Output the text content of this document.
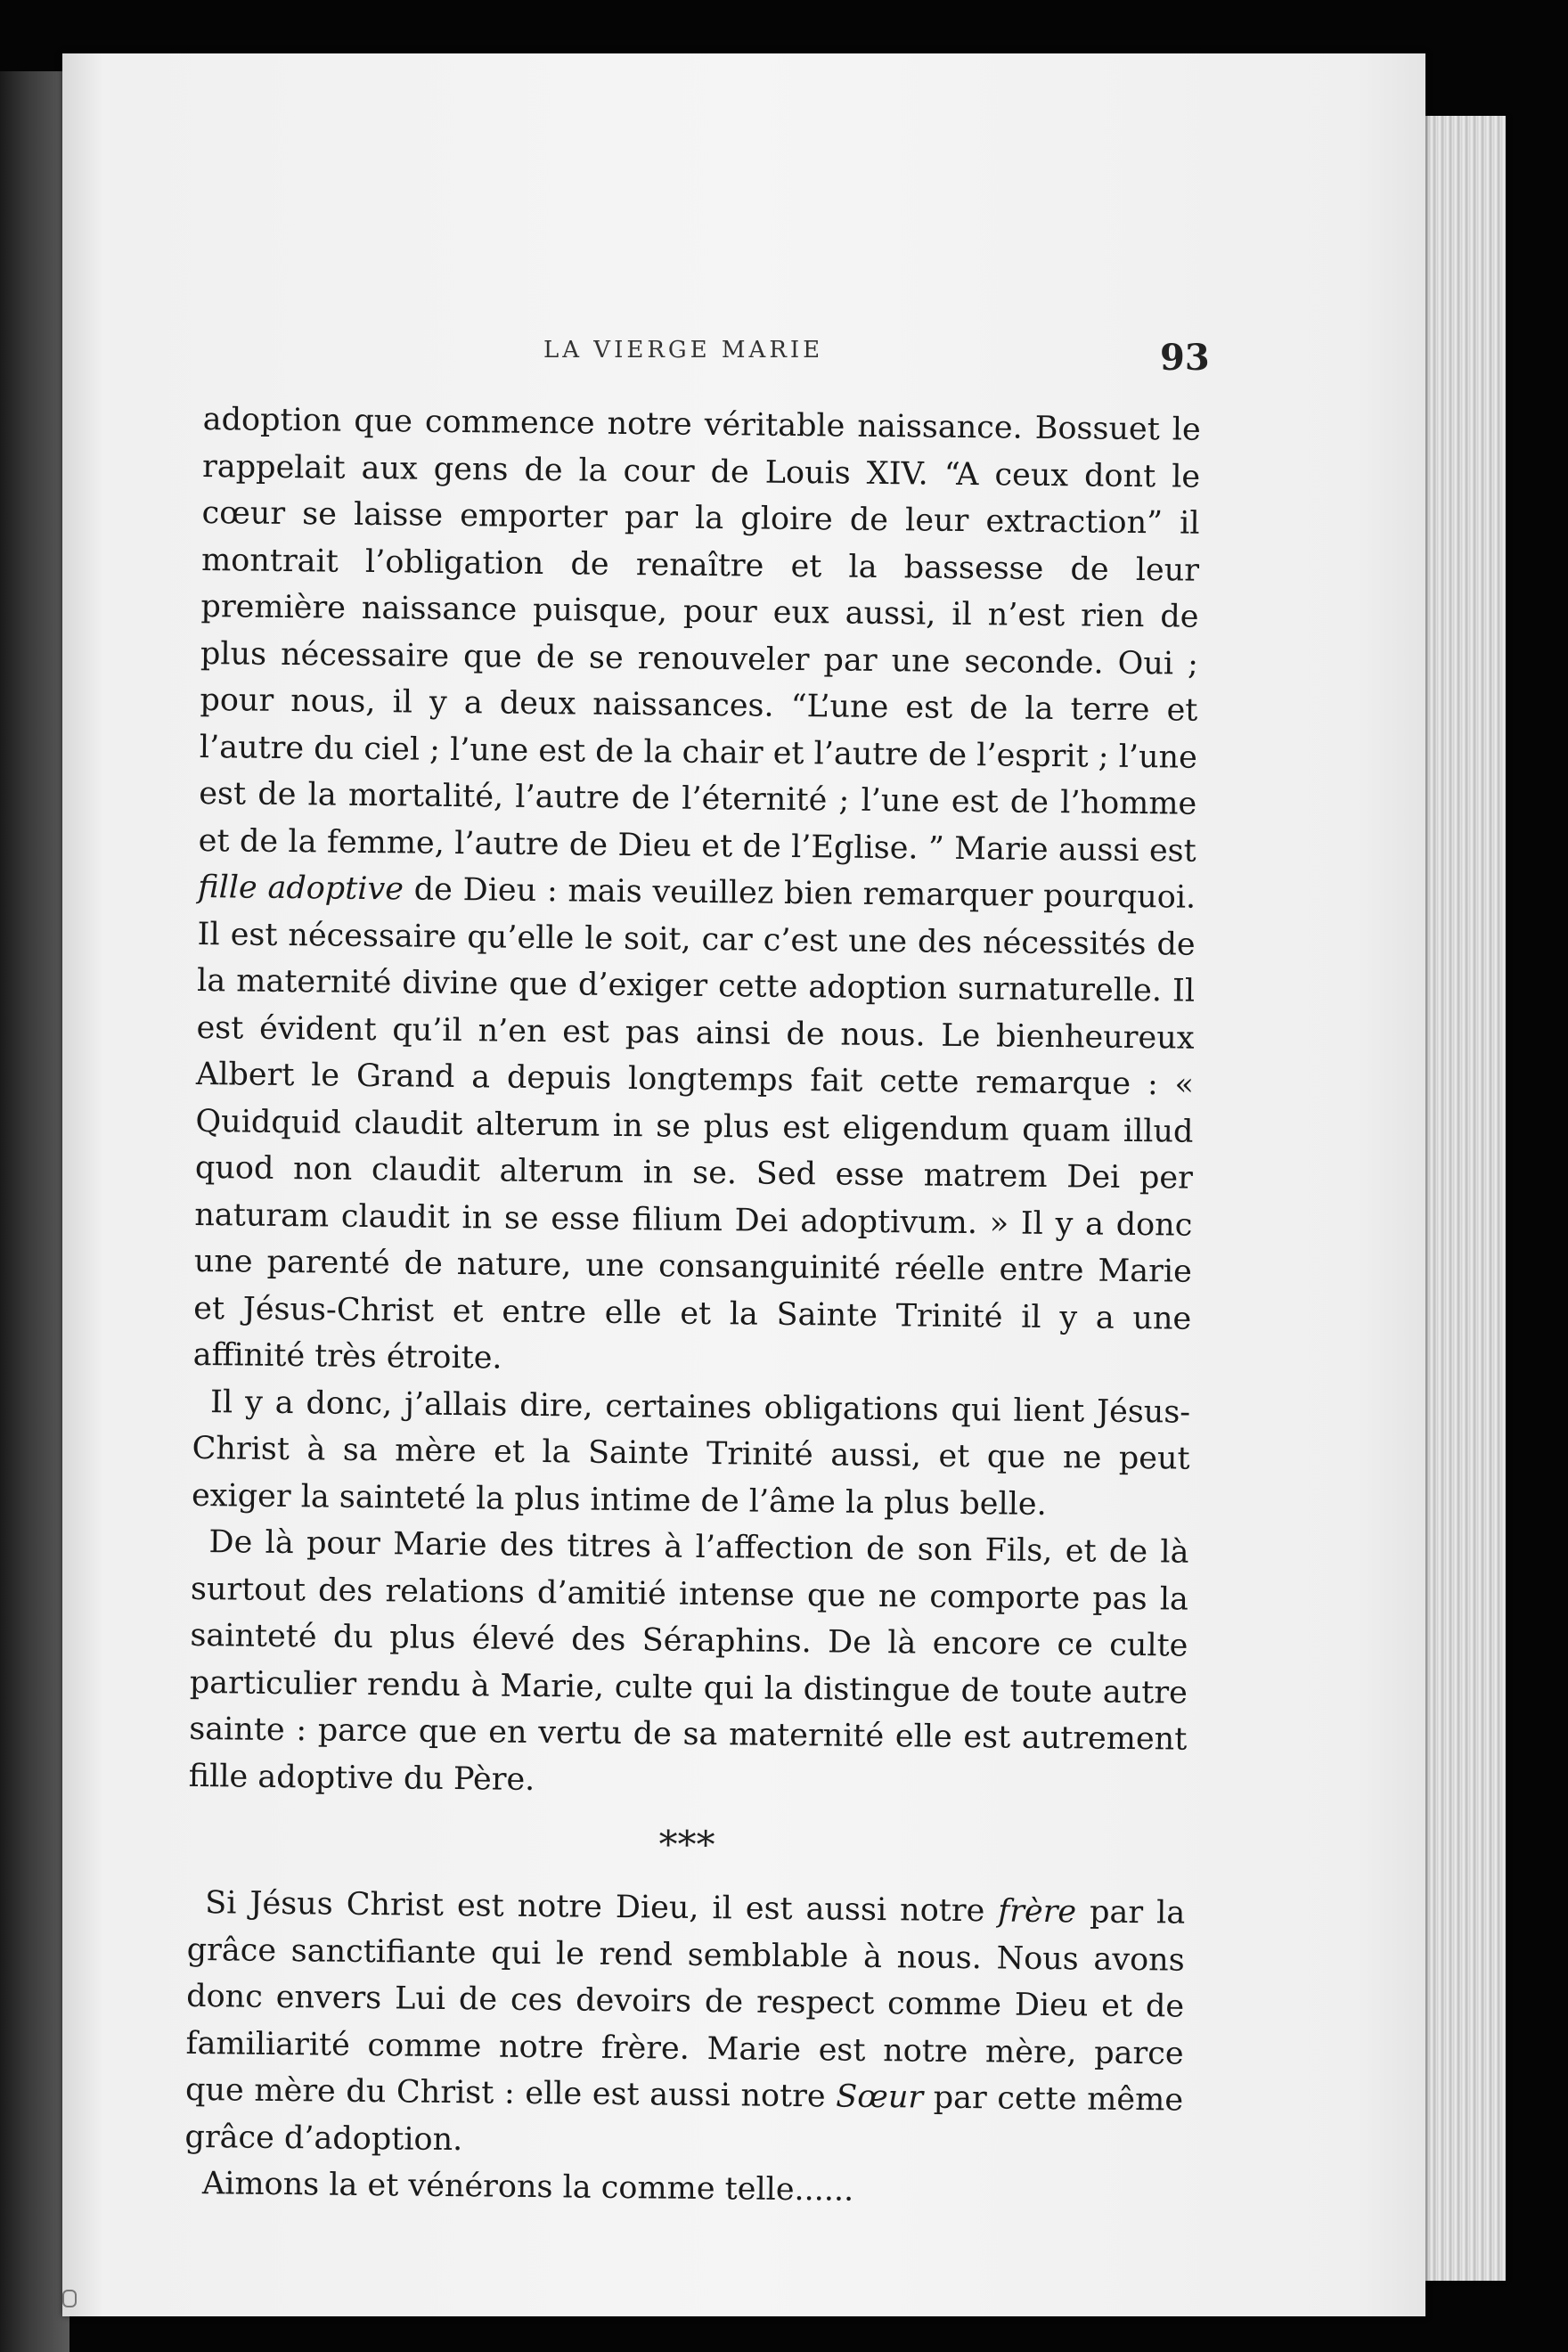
LA VIERGE MARIE	93

adoption que commence notre véritable naissance. Bossuet le rappelait aux gens de la cour de Louis XIV. “A ceux dont le cœur se laisse emporter par la gloire de leur extraction” il montrait l’obligation de renaître et la bassesse de leur première naissance puisque, pour eux aussi, il n’est rien de plus nécessaire que de se renouveler par une seconde. Oui ; pour nous, il y a deux naissances. “L’une est de la terre et l’autre du ciel ; l’une est de la chair et l’autre de l’esprit ; l’une est de la mortalité, l’autre de l’éternité ; l’une est de l’homme et de la femme, l’autre de Dieu et de l’Eglise. ” Marie aussi est fille adoptive de Dieu : mais veuillez bien remarquer pourquoi. Il est nécessaire qu’elle le soit, car c’est une des nécessités de la maternité divine que d’exiger cette adoption surnaturelle. Il est évident qu’il n’en est pas ainsi de nous. Le bienheureux Albert le Grand a depuis longtemps fait cette remarque : « Quidquid claudit alterum in se plus est eligendum quam illud quod non claudit alterum in se. Sed esse matrem Dei per naturam claudit in se esse filium Dei adoptivum. » Il y a donc une parenté de nature, une consanguinité réelle entre Marie et Jésus-Christ et entre elle et la Sainte Trinité il y a une affinité très étroite.

Il y a donc, j’allais dire, certaines obligations qui lient Jésus-Christ à sa mère et la Sainte Trinité aussi, et que ne peut exiger la sainteté la plus intime de l’âme la plus belle.

De là pour Marie des titres à l’affection de son Fils, et de là surtout des relations d’amitié intense que ne comporte pas la sainteté du plus élevé des Séraphins. De là encore ce culte particulier rendu à Marie, culte qui la distingue de toute autre sainte : parce que en vertu de sa maternité elle est autrement fille adoptive du Père.

***

Si Jésus Christ est notre Dieu, il est aussi notre frère par la grâce sanctifiante qui le rend semblable à nous. Nous avons donc envers Lui de ces devoirs de respect comme Dieu et de familiarité comme notre frère. Marie est notre mère, parce que mère du Christ : elle est aussi notre Sœur par cette même grâce d’adoption.

Aimons la et vénérons la comme telle......
